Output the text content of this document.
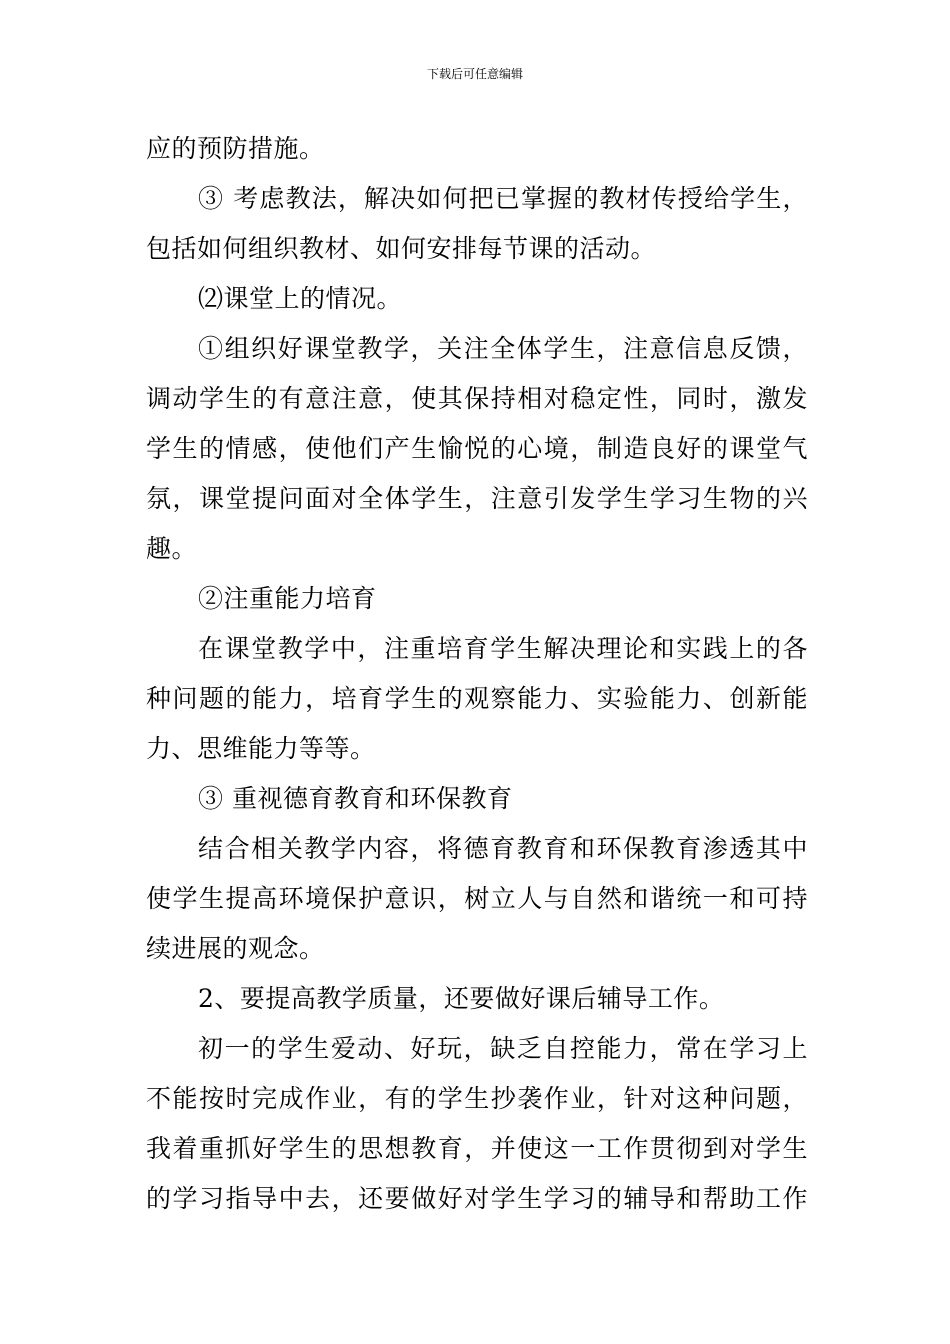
下载后可任意编辑
应的预防措施。
③ 考虑教法，解决如何把已掌握的教材传授给学生，
包括如何组织教材、如何安排每节课的活动。
⑵课堂上的情况。
①组织好课堂教学，关注全体学生，注意信息反馈，
调动学生的有意注意，使其保持相对稳定性，同时，激发
学生的情感，使他们产生愉悦的心境，制造良好的课堂气
氛，课堂提问面对全体学生，注意引发学生学习生物的兴
趣。
②注重能力培育
在课堂教学中，注重培育学生解决理论和实践上的各
种问题的能力，培育学生的观察能力、实验能力、创新能
力、思维能力等等。
③ 重视德育教育和环保教育
结合相关教学内容，将德育教育和环保教育渗透其中
使学生提高环境保护意识，树立人与自然和谐统一和可持
续进展的观念。
2、要提高教学质量，还要做好课后辅导工作。
初一的学生爱动、好玩，缺乏自控能力，常在学习上
不能按时完成作业，有的学生抄袭作业，针对这种问题，
我着重抓好学生的思想教育，并使这一工作贯彻到对学生
的学习指导中去，还要做好对学生学习的辅导和帮助工作
